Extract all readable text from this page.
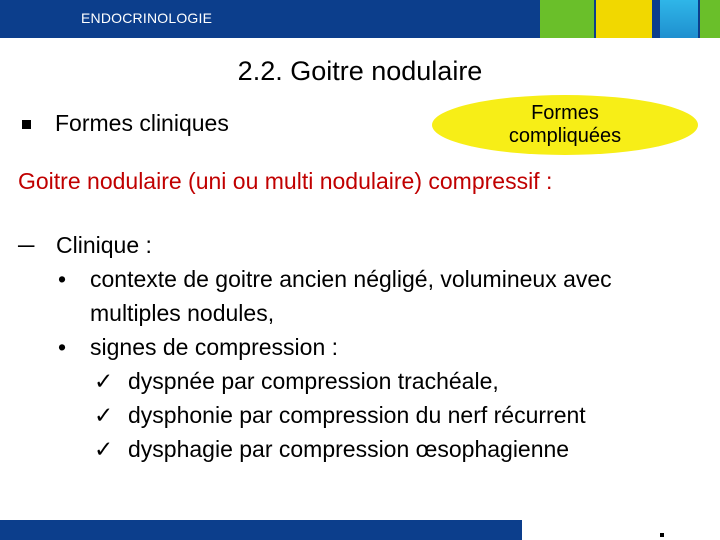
ENDOCRINOLOGIE
2.2. Goitre nodulaire
Formes cliniques	Formes
compliquées
Goitre nodulaire (uni ou multi nodulaire) compressif :
─ Clinique :
• contexte de goitre ancien négligé, volumineux avec multiples nodules,
• signes de compression :
✓ dyspnée par compression trachéale,
✓ dysphonie par compression du nerf récurrent
✓ dysphagie par compression œsophagienne
